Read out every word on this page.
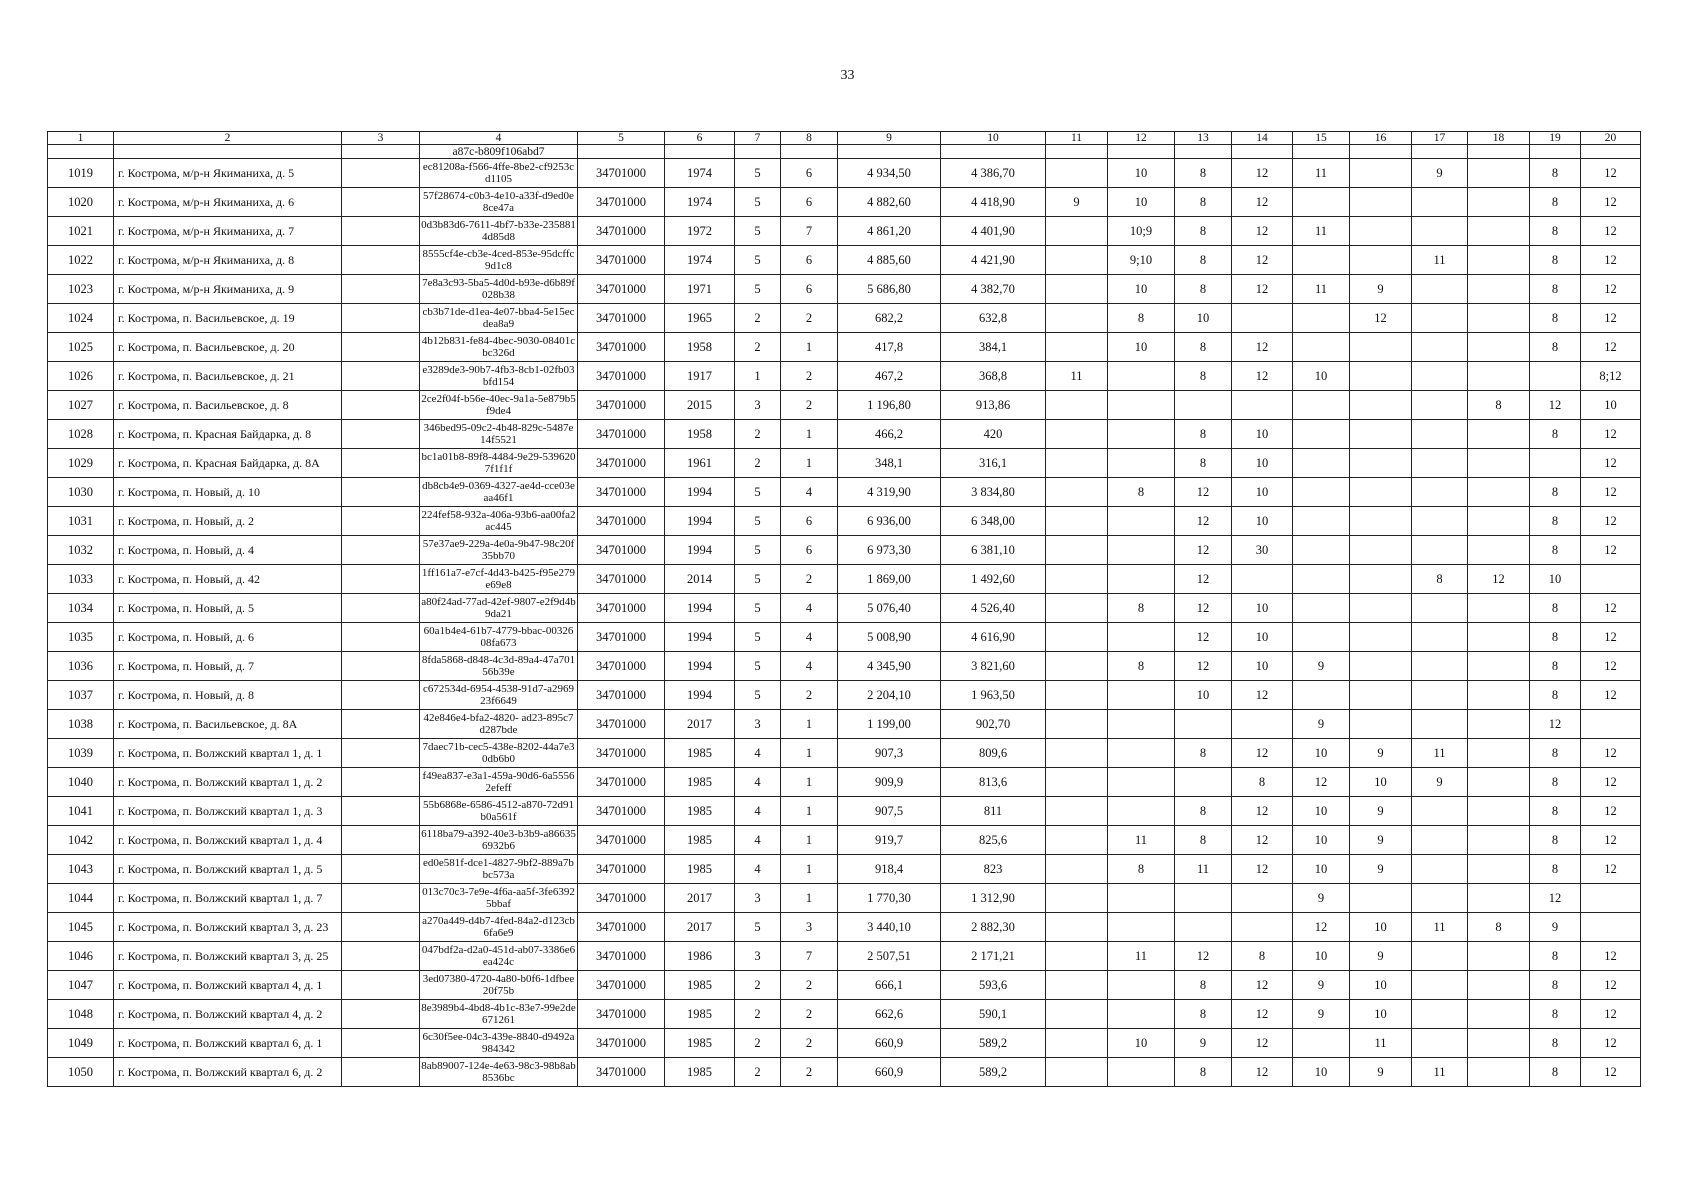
33
1	2	3	4	5	6	7	8	9	10	11	12	13	14	15	16	17	18	19	20
			a87c-b809f106abd7																
1019	г. Кострома, м/р-н Якиманиха, д. 5		ec81208a-f566-4ffe-8be2-cf9253cd1105	34701000	1974	5	6	4 934,50	4 386,70		10	8	12	11		9		8	12
1020	г. Кострома, м/р-н Якиманиха, д. 6		57f28674-c0b3-4e10-a33f-d9ed0e8ce47a	34701000	1974	5	6	4 882,60	4 418,90	9	10	8	12					8	12
1021	г. Кострома, м/р-н Якиманиха, д. 7		0d3b83d6-7611-4bf7-b33e-2358814d85d8	34701000	1972	5	7	4 861,20	4 401,90		10;9	8	12	11				8	12
1022	г. Кострома, м/р-н Якиманиха, д. 8		8555cf4e-cb3e-4ced-853e-95dcffc9d1c8	34701000	1974	5	6	4 885,60	4 421,90		9;10	8	12			11		8	12
1023	г. Кострома, м/р-н Якиманиха, д. 9		7e8a3c93-5ba5-4d0d-b93e-d6b89f028b38	34701000	1971	5	6	5 686,80	4 382,70		10	8	12	11	9			8	12
1024	г. Кострома, п. Васильевское, д. 19		cb3b71de-d1ea-4e07-bba4-5e15ecdea8a9	34701000	1965	2	2	682,2	632,8		8	10			12			8	12
1025	г. Кострома, п. Васильевское, д. 20		4b12b831-fe84-4bec-9030-08401cbc326d	34701000	1958	2	1	417,8	384,1		10	8	12					8	12
1026	г. Кострома, п. Васильевское, д. 21		e3289de3-90b7-4fb3-8cb1-02fb03bfd154	34701000	1917	1	2	467,2	368,8	11		8	12	10					8;12
1027	г. Кострома, п. Васильевское, д. 8		2ce2f04f-b56e-40ec-9a1a-5e879b5f9de4	34701000	2015	3	2	1 196,80	913,86								8	12	10
1028	г. Кострома, п. Красная Байдарка, д. 8		346bed95-09c2-4b48-829c-5487e14f5521	34701000	1958	2	1	466,2	420			8	10					8	12
1029	г. Кострома, п. Красная Байдарка, д. 8А		bc1a01b8-89f8-4484-9e29-5396207f1f1f	34701000	1961	2	1	348,1	316,1			8	10						12
1030	г. Кострома, п. Новый, д. 10		db8cb4e9-0369-4327-ae4d-cce03eaa46f1	34701000	1994	5	4	4 319,90	3 834,80		8	12	10					8	12
1031	г. Кострома, п. Новый, д. 2		224fef58-932a-406a-93b6-aa00fa2ac445	34701000	1994	5	6	6 936,00	6 348,00			12	10					8	12
1032	г. Кострома, п. Новый, д. 4		57e37ae9-229a-4e0a-9b47-98c20f35bb70	34701000	1994	5	6	6 973,30	6 381,10			12	30					8	12
1033	г. Кострома, п. Новый, д. 42		1ff161a7-e7cf-4d43-b425-f95e279e69e8	34701000	2014	5	2	1 869,00	1 492,60			12				8	12	10	
1034	г. Кострома, п. Новый, д. 5		a80f24ad-77ad-42ef-9807-e2f9d4b9da21	34701000	1994	5	4	5 076,40	4 526,40		8	12	10					8	12
1035	г. Кострома, п. Новый, д. 6		60a1b4e4-61b7-4779-bbac-0032608fa673	34701000	1994	5	4	5 008,90	4 616,90			12	10					8	12
1036	г. Кострома, п. Новый, д. 7		8fda5868-d848-4c3d-89a4-47a70156b39e	34701000	1994	5	4	4 345,90	3 821,60		8	12	10	9				8	12
1037	г. Кострома, п. Новый, д. 8		c672534d-6954-4538-91d7-a296923f6649	34701000	1994	5	2	2 204,10	1 963,50			10	12					8	12
1038	г. Кострома, п. Васильевское, д. 8А		42e846e4-bfa2-4820- ad23-895c7d287bde	34701000	2017	3	1	1 199,00	902,70					9				12	
1039	г. Кострома, п. Волжский квартал 1, д. 1		7daec71b-cec5-438e-8202-44a7e30db6b0	34701000	1985	4	1	907,3	809,6			8	12	10	9	11		8	12
1040	г. Кострома, п. Волжский квартал 1, д. 2		f49ea837-e3a1-459a-90d6-6a55562efeff	34701000	1985	4	1	909,9	813,6				8	12	10	9		8	12
1041	г. Кострома, п. Волжский квартал 1, д. 3		55b6868e-6586-4512-a870-72d91b0a561f	34701000	1985	4	1	907,5	811			8	12	10	9			8	12
1042	г. Кострома, п. Волжский квартал 1, д. 4		6118ba79-a392-40e3-b3b9-a866356932b6	34701000	1985	4	1	919,7	825,6		11	8	12	10	9			8	12
1043	г. Кострома, п. Волжский квартал 1, д. 5		ed0e581f-dce1-4827-9bf2-889a7bbc573a	34701000	1985	4	1	918,4	823		8	11	12	10	9			8	12
1044	г. Кострома, п. Волжский квартал 1, д. 7		013c70c3-7e9e-4f6a-aa5f-3fe63925bbaf	34701000	2017	3	1	1 770,30	1 312,90					9				12	
1045	г. Кострома, п. Волжский квартал 3, д. 23		a270a449-d4b7-4fed-84a2-d123cb6fa6e9	34701000	2017	5	3	3 440,10	2 882,30					12	10	11	8	9	
1046	г. Кострома, п. Волжский квартал 3, д. 25		047bdf2a-d2a0-451d-ab07-3386e6ea424c	34701000	1986	3	7	2 507,51	2 171,21		11	12	8	10	9			8	12
1047	г. Кострома, п. Волжский квартал 4, д. 1		3ed07380-4720-4a80-b0f6-1dfbee20f75b	34701000	1985	2	2	666,1	593,6			8	12	9	10			8	12
1048	г. Кострома, п. Волжский квартал 4, д. 2		8e3989b4-4bd8-4b1c-83e7-99e2de671261	34701000	1985	2	2	662,6	590,1			8	12	9	10			8	12
1049	г. Кострома, п. Волжский квартал 6, д. 1		6c30f5ee-04c3-439e-8840-d9492a984342	34701000	1985	2	2	660,9	589,2		10	9	12		11			8	12
1050	г. Кострома, п. Волжский квартал 6, д. 2		8ab89007-124e-4e63-98c3-98b8ab8536bc	34701000	1985	2	2	660,9	589,2			8	12	10	9	11		8	12
